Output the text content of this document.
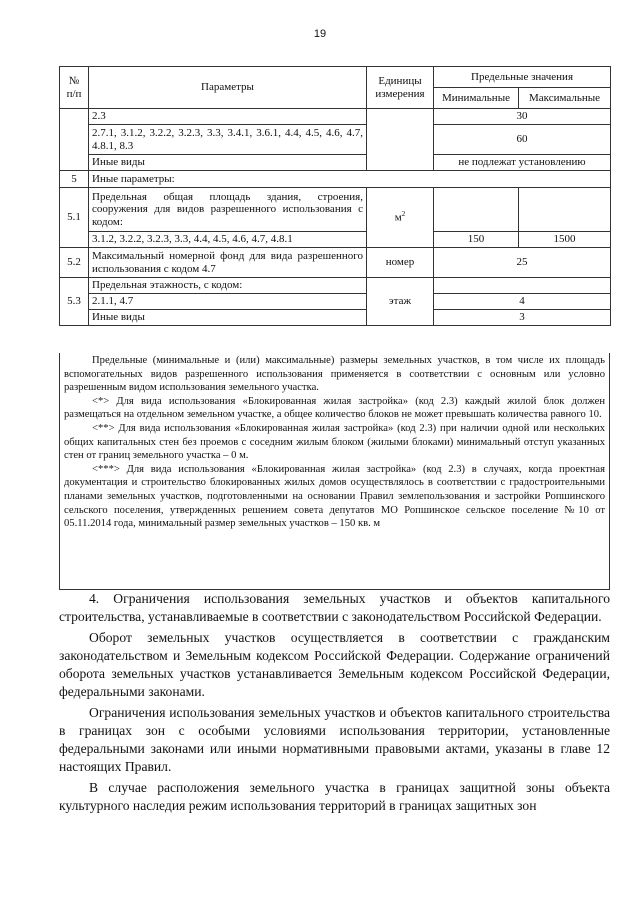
19
№ п/п	Параметры	Единицы измерения	Предельные значения	
			Минимальные	Максимальные
	2.3		30	
	2.7.1, 3.1.2, 3.2.2, 3.2.3, 3.3, 3.4.1, 3.6.1, 4.4, 4.5, 4.6, 4.7, 4.8.1, 8.3		60	
	Иные виды		не подлежат установлению	
5	Иные параметры:			
5.1	Предельная общая площадь здания, строения, сооружения для видов разрешенного использования с кодом:	$м^2$		
	3.1.2, 3.2.2, 3.2.3, 3.3, 4.4, 4.5, 4.6, 4.7, 4.8.1		150	1500
5.2	Максимальный номерной фонд для вида разрешенного использования с кодом 4.7	номер	25	
5.3	Предельная этажность, с кодом:	этаж		
	2.1.1, 4.7		4	
	Иные виды		3	

Предельные (минимальные и (или) максимальные) размеры земельных участков, в том числе их площадь вспомогательных видов разрешенного использования применяется в соответствии с основным или условно разрешенным видом использования земельного участка.

<*> Для вида использования «Блокированная жилая застройка» (код 2.3) каждый жилой блок должен размещаться на отдельном земельном участке, а общее количество блоков не может превышать количества равного 10.

<**> Для вида использования «Блокированная жилая застройка» (код 2.3) при наличии одной или нескольких общих капитальных стен без проемов с соседним жилым блоком (жилыми блоками) минимальный отступ указанных стен от границ земельного участка – 0 м.

<***> Для вида использования «Блокированная жилая застройка» (код 2.3) в случаях, когда проектная документация и строительство блокированных жилых домов осуществлялось в соответствии с градостроительными планами земельных участков, подготовленными на основании Правил землепользования и застройки Ропшинского сельского поселения, утвержденных решением совета депутатов МО Ропшинское сельское поселение №10 от 05.11.2014 года, минимальный размер земельных участков – 150 кв. м

4. Ограничения использования земельных участков и объектов капитального строительства, устанавливаемые в соответствии с законодательством Российской Федерации.

Оборот земельных участков осуществляется в соответствии с гражданским законодательством и Земельным кодексом Российской Федерации. Содержание ограничений оборота земельных участков устанавливается Земельным кодексом Российской Федерации, федеральными законами.

Ограничения использования земельных участков и объектов капитального строительства в границах зон с особыми условиями использования территории, установленные федеральными законами или иными нормативными правовыми актами, указаны в главе 12 настоящих Правил.

В случае расположения земельного участка в границах защитной зоны объекта культурного наследия режим использования территорий в границах защитных зон
